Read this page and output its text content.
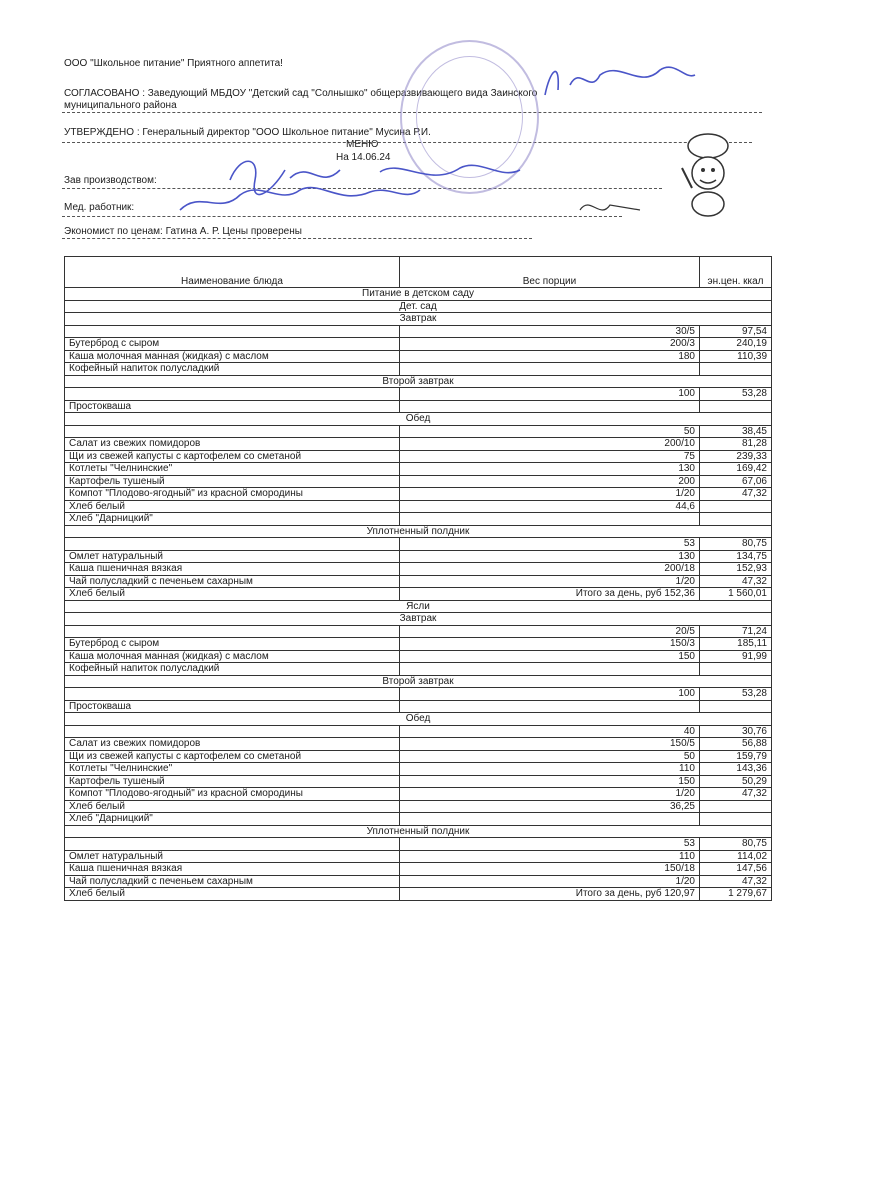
ООО "Школьное питание" Приятного аппетита!
СОГЛАСОВАНО : Заведующий МБДОУ "Детский сад "Солнышко" общеразвивающего вида Заинского
муниципального района
УТВЕРЖДЕНО : Генеральный директор "ООО Школьное питание" Мусина Р.И.
МЕНЮ
На 14.06.24
Зав производством:
Мед. работник:
Экономист по ценам: Гатина А. Р. Цены проверены
Наименование блюда	Вес порции	эн.цен. ккал
Питание в детском саду		
Дет. сад		
Завтрак		
	30/5	97,54
Бутерброд с сыром	200/3	240,19
Каша молочная манная (жидкая) с маслом	180	110,39
Кофейный напиток полусладкий		
Второй завтрак		
	100	53,28
Простокваша		
Обед		
	50	38,45
Салат из свежих помидоров	200/10	81,28
Щи из свежей капусты с картофелем со сметаной	75	239,33
Котлеты "Челнинские"	130	169,42
Картофель тушеный	200	67,06
Компот "Плодово-ягодный" из красной смородины	1/20	47,32
Хлеб белый	44,6	
Хлеб "Дарницкий"		
Уплотненный полдник		
	53	80,75
Омлет натуральный	130	134,75
Каша пшеничная вязкая	200/18	152,93
Чай полусладкий с печеньем сахарным	1/20	47,32
Хлеб белый	Итого за день, руб 152,36	1 560,01
Ясли		
Завтрак		
	20/5	71,24
Бутерброд с сыром	150/3	185,11
Каша молочная манная (жидкая) с маслом	150	91,99
Кофейный напиток полусладкий		
Второй завтрак		
	100	53,28
Простокваша		
Обед		
	40	30,76
Салат из свежих помидоров	150/5	56,88
Щи из свежей капусты с картофелем со сметаной	50	159,79
Котлеты "Челнинские"	110	143,36
Картофель тушеный	150	50,29
Компот "Плодово-ягодный" из красной смородины	1/20	47,32
Хлеб белый	36,25	
Хлеб "Дарницкий"		
Уплотненный полдник		
	53	80,75
Омлет натуральный	110	114,02
Каша пшеничная вязкая	150/18	147,56
Чай полусладкий с печеньем сахарным	1/20	47,32
Хлеб белый	Итого за день, руб 120,97	1 279,67
